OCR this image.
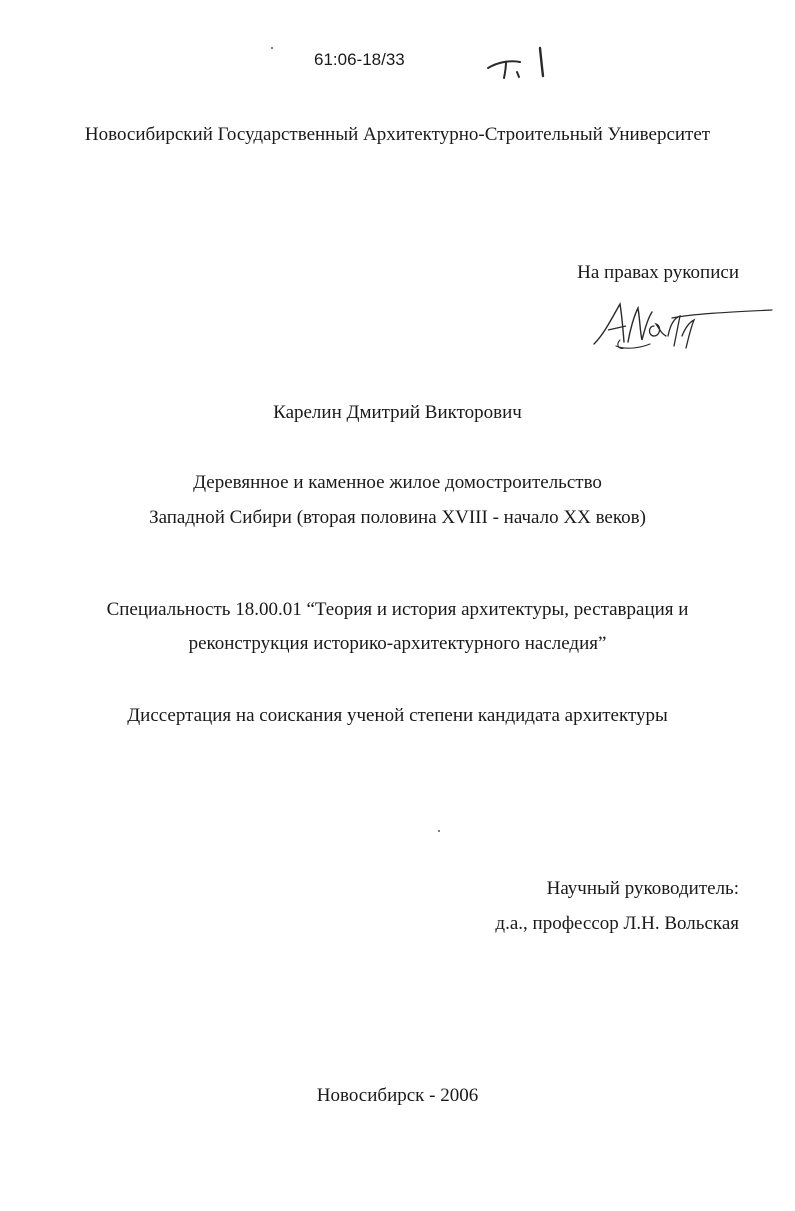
61:06-18/33
Новосибирский Государственный Архитектурно-Строительный Университет
На правах рукописи
Карелин Дмитрий Викторович
Деревянное и каменное жилое домостроительство
Западной Сибири (вторая половина XVIII - начало XX веков)
Специальность 18.00.01 “Теория и история архитектуры, реставрация и
реконструкция историко-архитектурного наследия”
Диссертация на соискания ученой степени кандидата архитектуры
Научный руководитель:
д.а., профессор Л.Н. Вольская
Новосибирск - 2006
